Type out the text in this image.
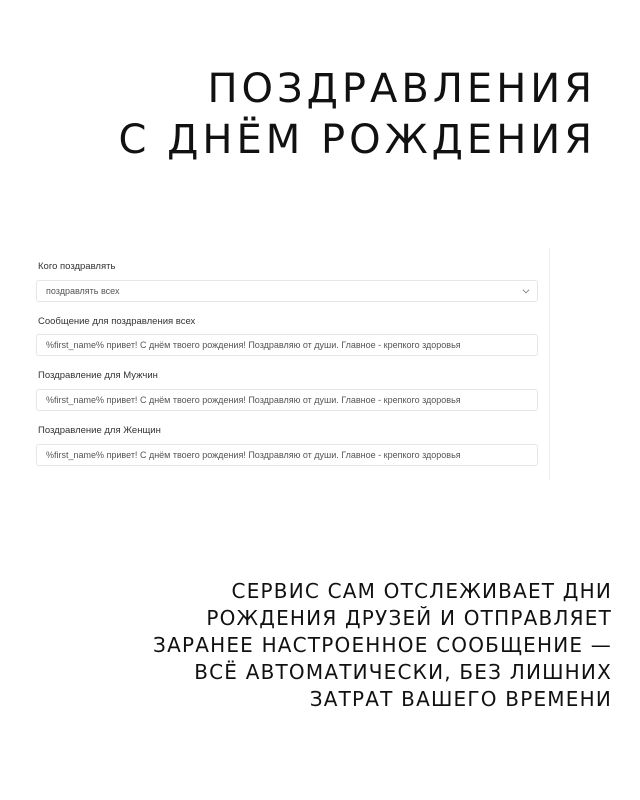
ПОЗДРАВЛЕНИЯ
С ДНЁМ РОЖДЕНИЯ
Кого поздравлять
поздравлять всех
Сообщение для поздравления всех
%first_name% привет! С днём твоего рождения! Поздравляю от души. Главное - крепкого здоровья
Поздравление для Мужчин
%first_name% привет! С днём твоего рождения! Поздравляю от души. Главное - крепкого здоровья
Поздравление для Женщин
%first_name% привет! С днём твоего рождения! Поздравляю от души. Главное - крепкого здоровья
СЕРВИС САМ ОТСЛЕЖИВАЕТ ДНИ
РОЖДЕНИЯ ДРУЗЕЙ И ОТПРАВЛЯЕТ
ЗАРАНЕЕ НАСТРОЕННОЕ СООБЩЕНИЕ —
ВСЁ АВТОМАТИЧЕСКИ, БЕЗ ЛИШНИХ
ЗАТРАТ ВАШЕГО ВРЕМЕНИ
